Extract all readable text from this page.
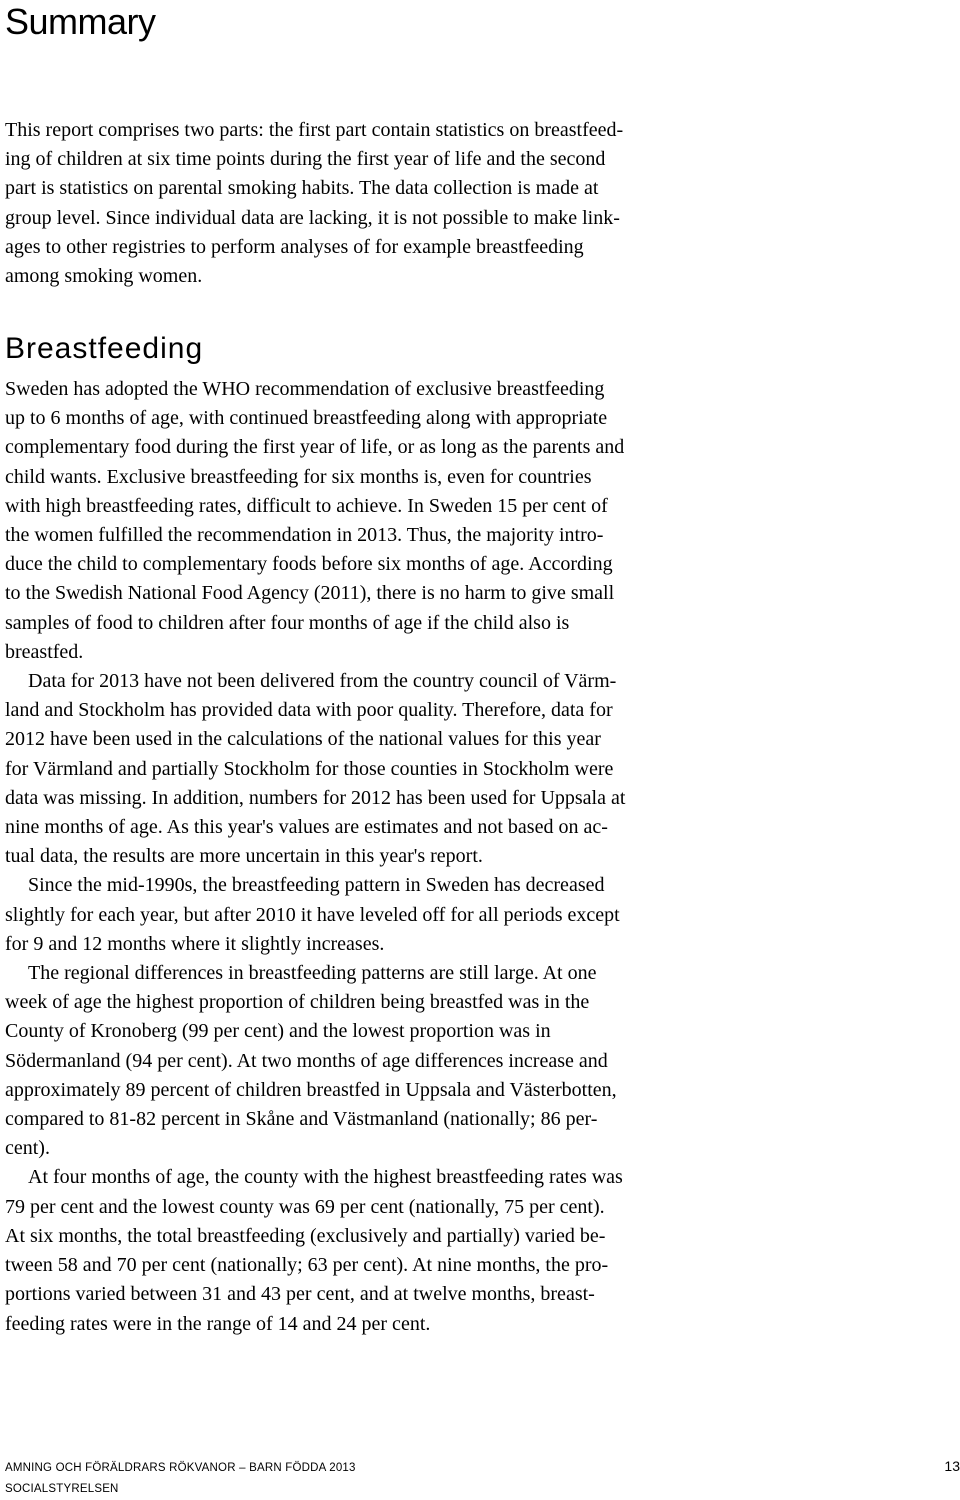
Summary
This report comprises two parts: the first part contain statistics on breastfeed-
ing of children at six time points during the first year of life and the second
part is statistics on parental smoking habits. The data collection is made at
group level. Since individual data are lacking, it is not possible to make link-
ages to other registries to perform analyses of for example breastfeeding
among smoking women.
Breastfeeding
Sweden has adopted the WHO recommendation of exclusive breastfeeding
up to 6 months of age, with continued breastfeeding along with appropriate
complementary food during the first year of life, or as long as the parents and
child wants. Exclusive breastfeeding for six months is, even for countries
with high breastfeeding rates, difficult to achieve. In Sweden 15 per cent of
the women fulfilled the recommendation in 2013. Thus, the majority intro-
duce the child to complementary foods before six months of age. According
to the Swedish National Food Agency (2011), there is no harm to give small
samples of food to children after four months of age if the child also is
breastfed.
Data for 2013 have not been delivered from the country council of Värm-
land and Stockholm has provided data with poor quality. Therefore, data for
2012 have been used in the calculations of the national values for this year
for Värmland and partially Stockholm for those counties in Stockholm were
data was missing. In addition, numbers for 2012 has been used for Uppsala at
nine months of age. As this year's values are estimates and not based on ac-
tual data, the results are more uncertain in this year's report.
Since the mid-1990s, the breastfeeding pattern in Sweden has decreased
slightly for each year, but after 2010 it have leveled off for all periods except
for 9 and 12 months where it slightly increases.
The regional differences in breastfeeding patterns are still large. At one
week of age the highest proportion of children being breastfed was in the
County of Kronoberg (99 per cent) and the lowest proportion was in
Södermanland (94 per cent). At two months of age differences increase and
approximately 89 percent of children breastfed in Uppsala and Västerbotten,
compared to 81-82 percent in Skåne and Västmanland (nationally; 86 per-
cent).
At four months of age, the county with the highest breastfeeding rates was
79 per cent and the lowest county was 69 per cent (nationally, 75 per cent).
At six months, the total breastfeeding (exclusively and partially) varied be-
tween 58 and 70 per cent (nationally; 63 per cent). At nine months, the pro-
portions varied between 31 and 43 per cent, and at twelve months, breast-
feeding rates were in the range of 14 and 24 per cent.
AMNING OCH FÖRÄLDRARS RÖKVANOR – BARN FÖDDA 2013
SOCIALSTYRELSEN
13
